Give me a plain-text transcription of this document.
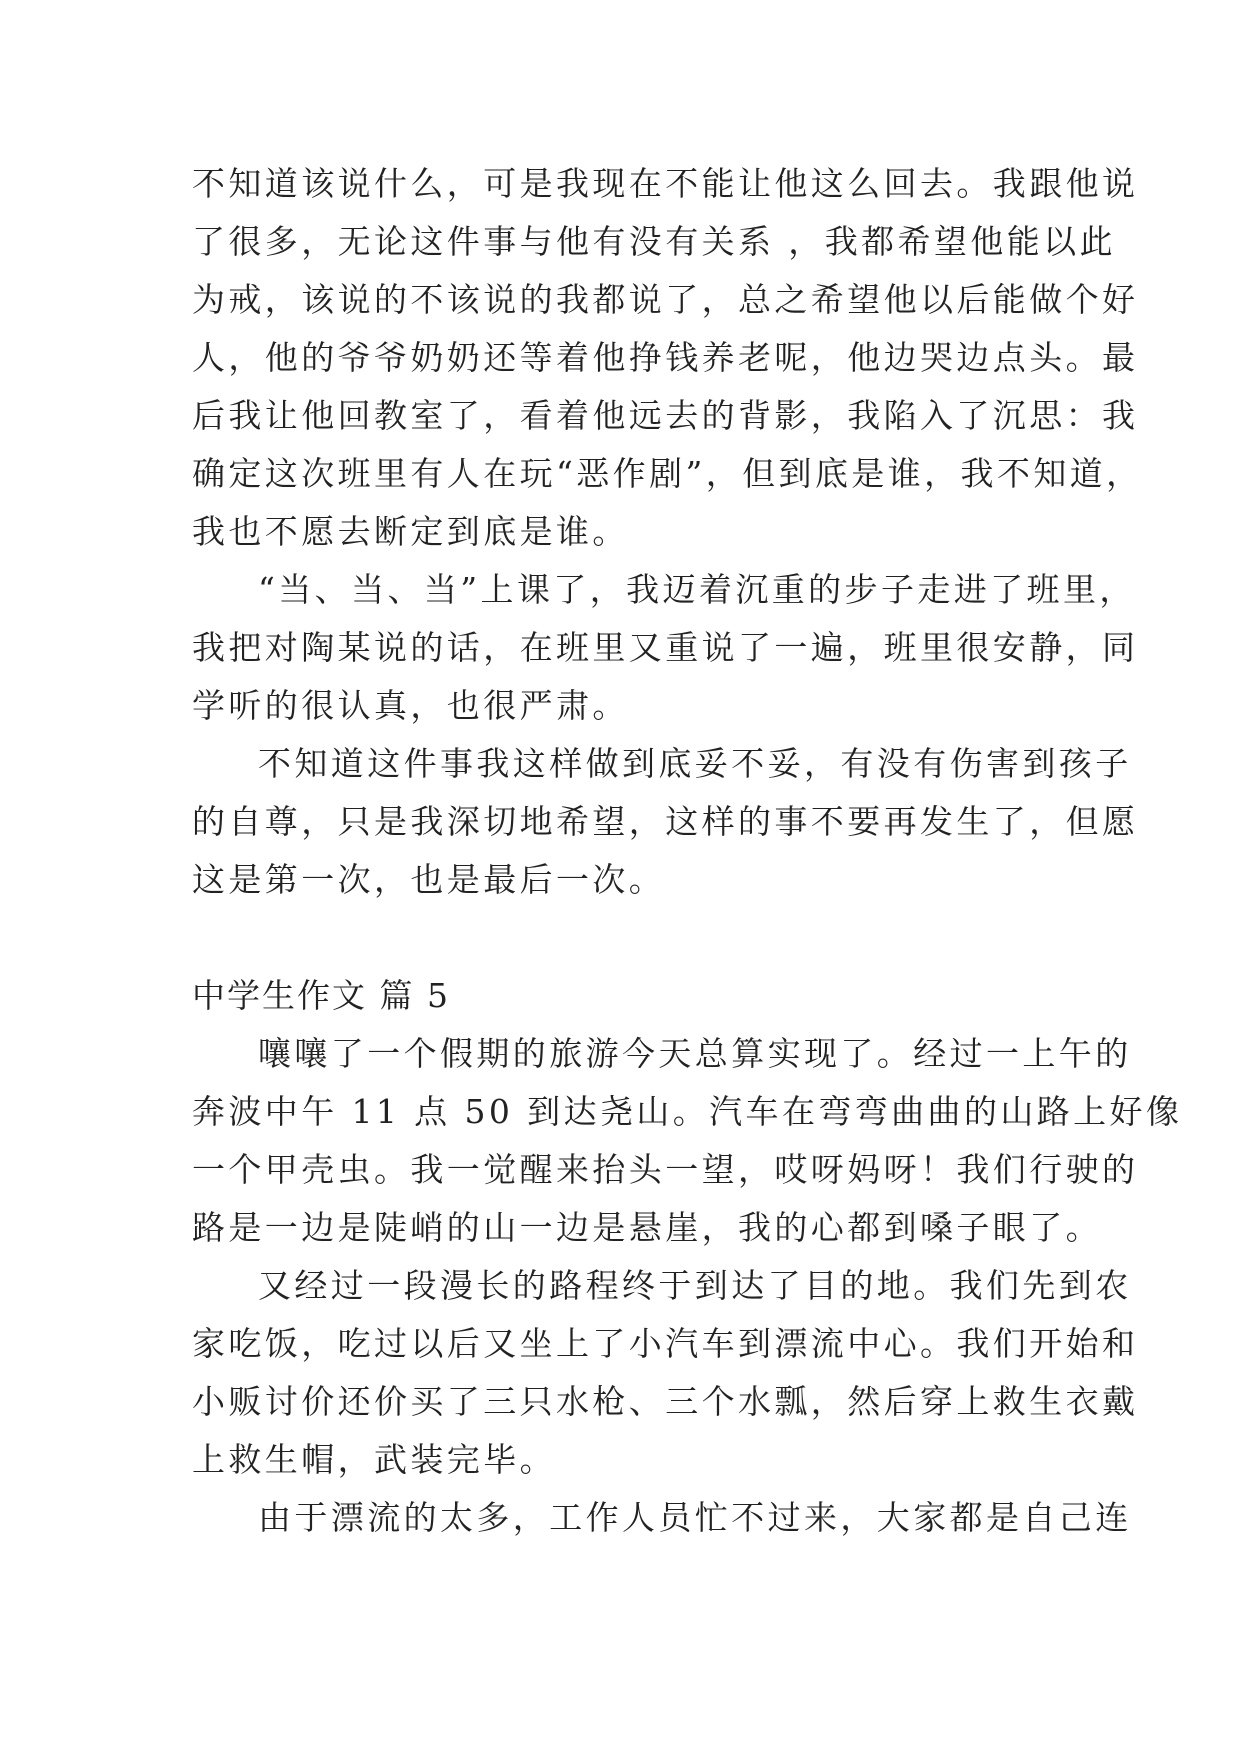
不知道该说什么，可是我现在不能让他这么回去。我跟他说
了很多，无论这件事与他有没有关系 ，我都希望他能以此
为戒，该说的不该说的我都说了，总之希望他以后能做个好
人，他的爷爷奶奶还等着他挣钱养老呢，他边哭边点头。最
后我让他回教室了，看着他远去的背影，我陷入了沉思：我
确定这次班里有人在玩“恶作剧”，但到底是谁，我不知道，
我也不愿去断定到底是谁。
“当、当、当”上课了，我迈着沉重的步子走进了班里，
我把对陶某说的话，在班里又重说了一遍，班里很安静，同
学听的很认真，也很严肃。
不知道这件事我这样做到底妥不妥，有没有伤害到孩子
的自尊，只是我深切地希望，这样的事不要再发生了，但愿
这是第一次，也是最后一次。
中学生作文 篇 5
嚷嚷了一个假期的旅游今天总算实现了。经过一上午的
奔波中午 11 点 50 到达尧山。汽车在弯弯曲曲的山路上好像
一个甲壳虫。我一觉醒来抬头一望，哎呀妈呀！我们行驶的
路是一边是陡峭的山一边是悬崖，我的心都到嗓子眼了。
又经过一段漫长的路程终于到达了目的地。我们先到农
家吃饭，吃过以后又坐上了小汽车到漂流中心。我们开始和
小贩讨价还价买了三只水枪、三个水瓢，然后穿上救生衣戴
上救生帽，武装完毕。
由于漂流的太多，工作人员忙不过来，大家都是自己连
